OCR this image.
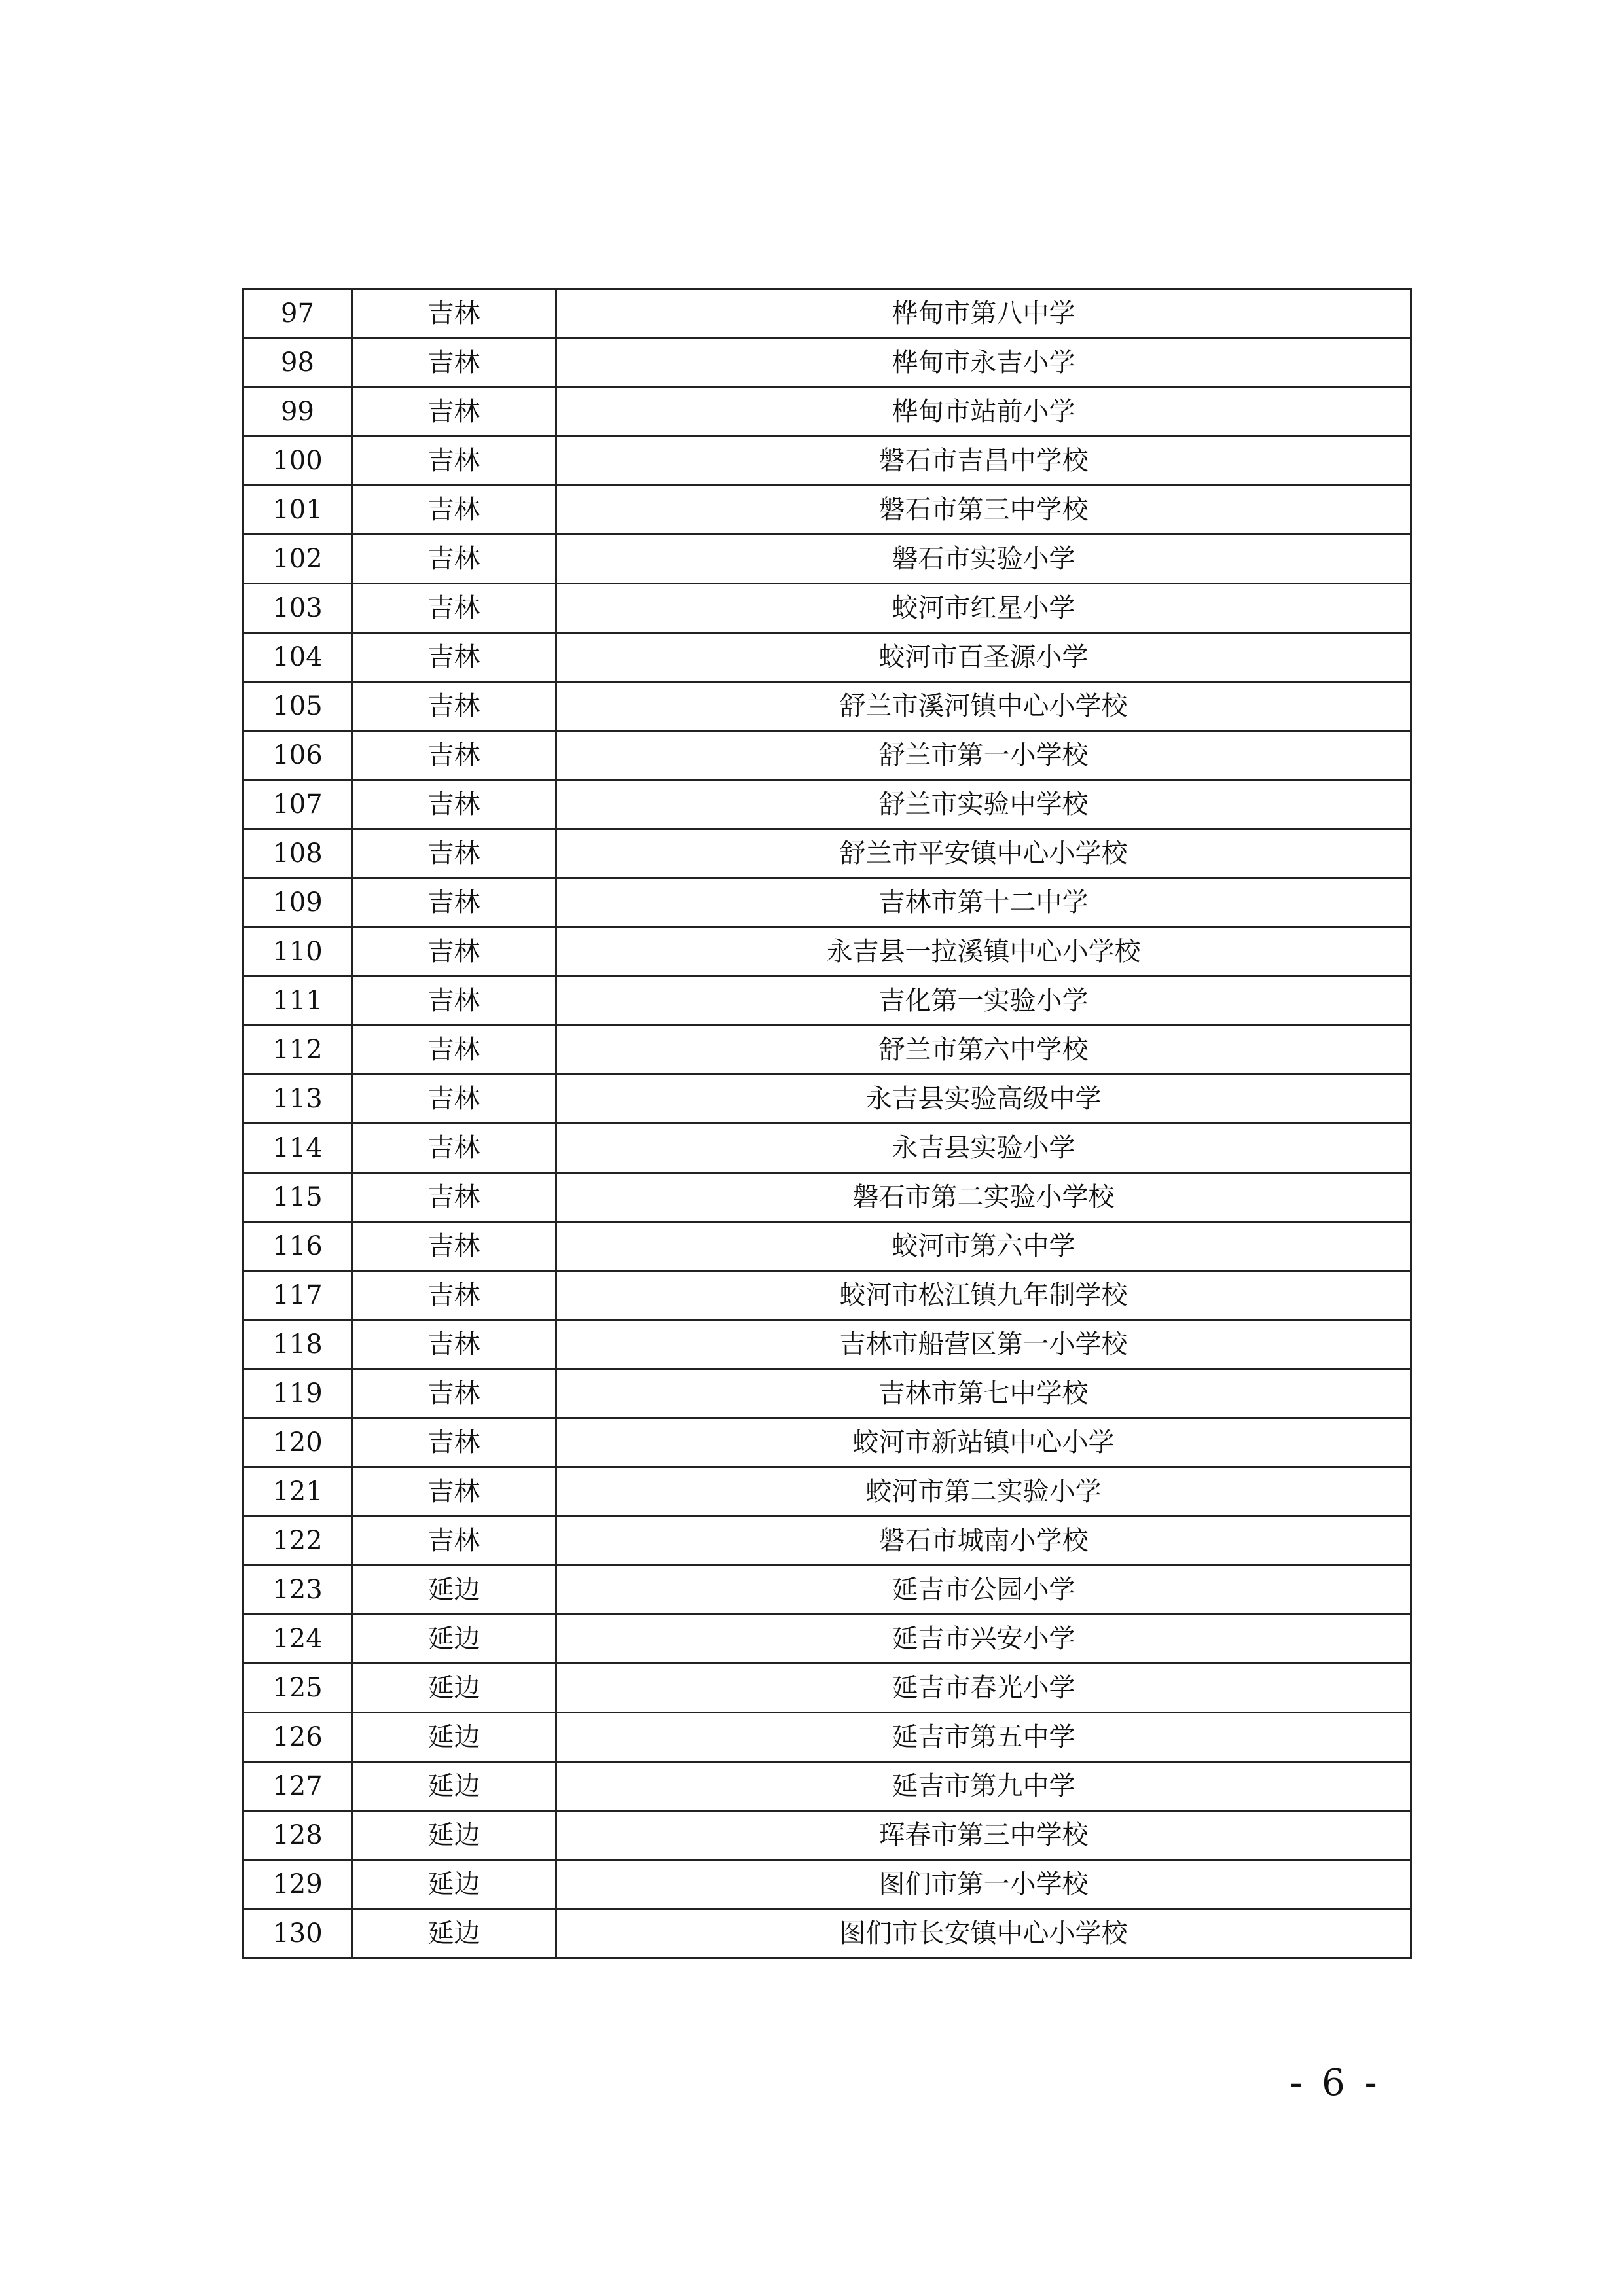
97	吉林	桦甸市第八中学
98	吉林	桦甸市永吉小学
99	吉林	桦甸市站前小学
100	吉林	磐石市吉昌中学校
101	吉林	磐石市第三中学校
102	吉林	磐石市实验小学
103	吉林	蛟河市红星小学
104	吉林	蛟河市百圣源小学
105	吉林	舒兰市溪河镇中心小学校
106	吉林	舒兰市第一小学校
107	吉林	舒兰市实验中学校
108	吉林	舒兰市平安镇中心小学校
109	吉林	吉林市第十二中学
110	吉林	永吉县一拉溪镇中心小学校
111	吉林	吉化第一实验小学
112	吉林	舒兰市第六中学校
113	吉林	永吉县实验高级中学
114	吉林	永吉县实验小学
115	吉林	磐石市第二实验小学校
116	吉林	蛟河市第六中学
117	吉林	蛟河市松江镇九年制学校
118	吉林	吉林市船营区第一小学校
119	吉林	吉林市第七中学校
120	吉林	蛟河市新站镇中心小学
121	吉林	蛟河市第二实验小学
122	吉林	磐石市城南小学校
123	延边	延吉市公园小学
124	延边	延吉市兴安小学
125	延边	延吉市春光小学
126	延边	延吉市第五中学
127	延边	延吉市第九中学
128	延边	珲春市第三中学校
129	延边	图们市第一小学校
130	延边	图们市长安镇中心小学校
- 6 -
